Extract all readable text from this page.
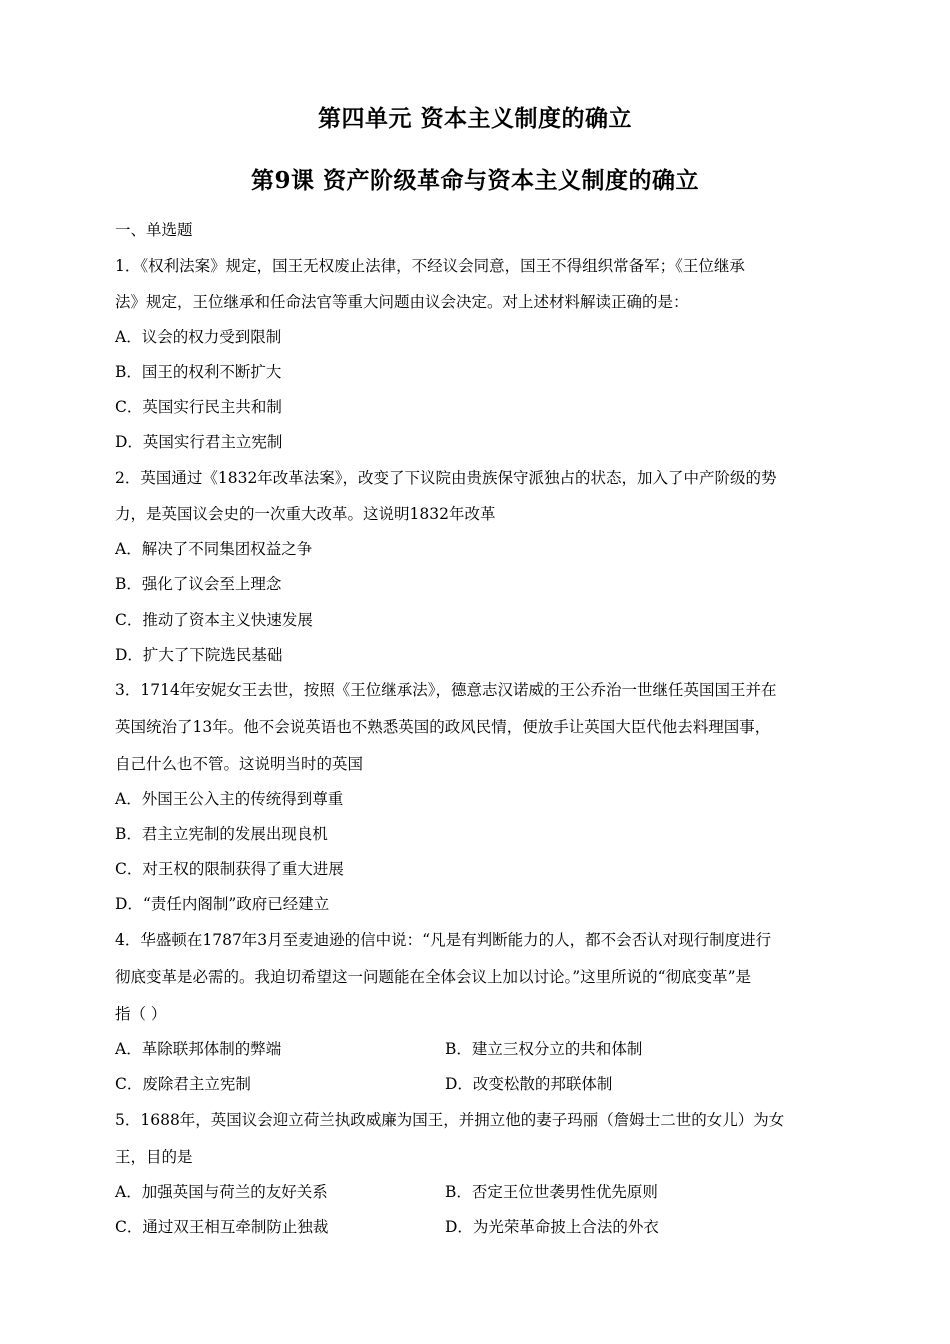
第四单元 资本主义制度的确立
第9课 资产阶级革命与资本主义制度的确立
一、单选题
1．《权利法案》规定，国王无权废止法律，不经议会同意，国王不得组织常备军；《王位继承
法》规定，王位继承和任命法官等重大问题由议会决定。对上述材料解读正确的是：
A．议会的权力受到限制
B．国王的权利不断扩大
C．英国实行民主共和制
D．英国实行君主立宪制
2．英国通过《1832年改革法案》，改变了下议院由贵族保守派独占的状态，加入了中产阶级的势
力，是英国议会史的一次重大改革。这说明1832年改革
A．解决了不同集团权益之争
B．强化了议会至上理念
C．推动了资本主义快速发展
D．扩大了下院选民基础
3．1714年安妮女王去世，按照《王位继承法》，德意志汉诺威的王公乔治一世继任英国国王并在
英国统治了13年。他不会说英语也不熟悉英国的政风民情，便放手让英国大臣代他去料理国事，
自己什么也不管。这说明当时的英国
A．外国王公入主的传统得到尊重
B．君主立宪制的发展出现良机
C．对王权的限制获得了重大进展
D．“责任内阁制”政府已经建立
4．华盛顿在1787年3月至麦迪逊的信中说：“凡是有判断能力的人，都不会否认对现行制度进行
彻底变革是必需的。我迫切希望这一问题能在全体会议上加以讨论。”这里所说的“彻底变革”是
指（ ）
A．革除联邦体制的弊端	B．建立三权分立的共和体制
C．废除君主立宪制	D．改变松散的邦联体制
5．1688年，英国议会迎立荷兰执政威廉为国王，并拥立他的妻子玛丽（詹姆士二世的女儿）为女
王，目的是
A．加强英国与荷兰的友好关系	B．否定王位世袭男性优先原则
C．通过双王相互牵制防止独裁	D．为光荣革命披上合法的外衣
